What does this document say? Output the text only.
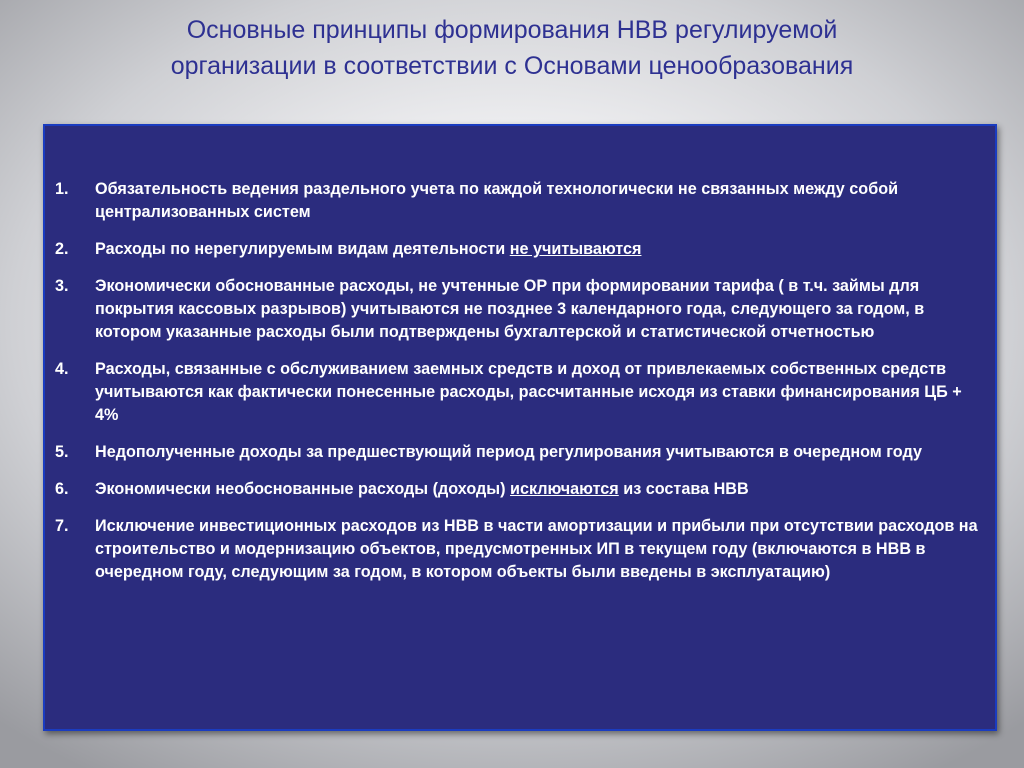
Основные принципы формирования НВВ регулируемой
организации в соответствии с Основами ценообразования
1.	Обязательность ведения раздельного учета по каждой технологически не связанных между собой централизованных систем
2.	Расходы по нерегулируемым видам деятельности не учитываются
3.	Экономически обоснованные расходы, не учтенные ОР при формировании тарифа ( в т.ч. займы для покрытия кассовых разрывов) учитываются не позднее 3 календарного года, следующего за годом, в котором указанные расходы были подтверждены бухгалтерской и статистической отчетностью
4.	Расходы, связанные с обслуживанием заемных средств и доход от привлекаемых собственных средств учитываются как фактически понесенные расходы, рассчитанные исходя из ставки финансирования ЦБ + 4%
5.	Недополученные доходы за предшествующий период регулирования учитываются в очередном году
6.	Экономически необоснованные расходы (доходы) исключаются из состава НВВ
7.	Исключение инвестиционных расходов из НВВ в части амортизации и прибыли при отсутствии расходов на строительство и модернизацию объектов, предусмотренных ИП в текущем году (включаются в НВВ в очередном году, следующим за годом, в котором объекты были введены в эксплуатацию)
